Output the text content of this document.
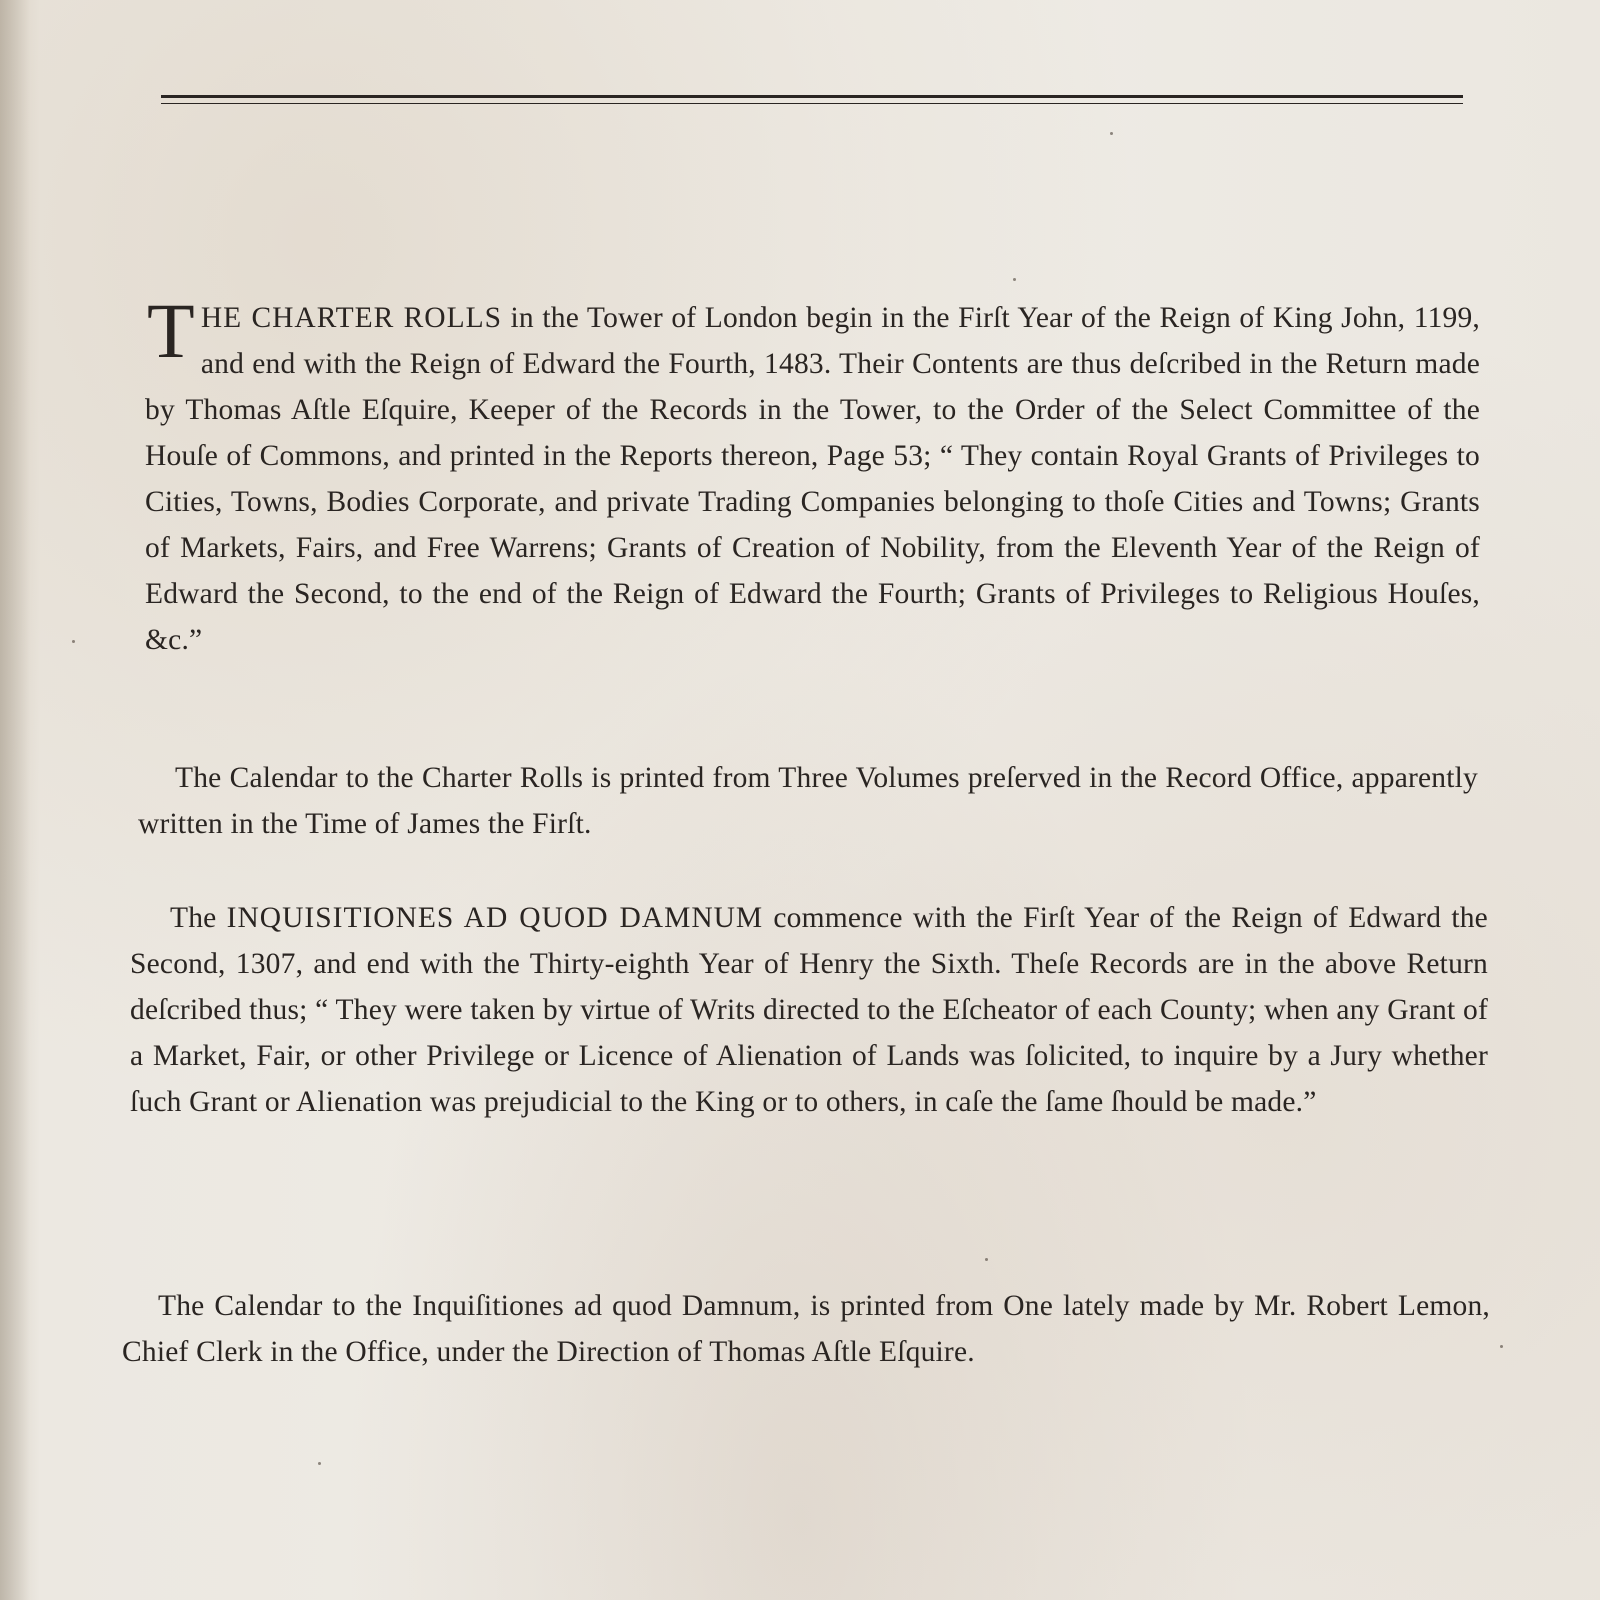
THE CHARTER ROLLS in the Tower of London begin in the Firſt Year of the Reign of King John, 1199, and end with the Reign of Edward the Fourth, 1483. Their Contents are thus deſcribed in the Return made by Thomas Aſtle Eſquire, Keeper of the Records in the Tower, to the Order of the Select Committee of the Houſe of Commons, and printed in the Reports thereon, Page 53; “ They contain Royal Grants of Privileges to Cities, Towns, Bodies Corporate, and private Trading Companies belonging to thoſe Cities and Towns; Grants of Markets, Fairs, and Free Warrens; Grants of Creation of Nobility, from the Eleventh Year of the Reign of Edward the Second, to the end of the Reign of Edward the Fourth; Grants of Privileges to Religious Houſes, &c.”

The Calendar to the Charter Rolls is printed from Three Volumes preſerved in the Record Office, apparently written in the Time of James the Firſt.

The INQUISITIONES AD QUOD DAMNUM commence with the Firſt Year of the Reign of Edward the Second, 1307, and end with the Thirty-eighth Year of Henry the Sixth. Theſe Records are in the above Return deſcribed thus; “ They were taken by virtue of Writs directed to the Eſcheator of each County; when any Grant of a Market, Fair, or other Privilege or Licence of Alienation of Lands was ſolicited, to inquire by a Jury whether ſuch Grant or Alienation was prejudicial to the King or to others, in caſe the ſame ſhould be made.”

The Calendar to the Inquiſitiones ad quod Damnum, is printed from One lately made by Mr. Robert Lemon, Chief Clerk in the Office, under the Direction of Thomas Aſtle Eſquire.
